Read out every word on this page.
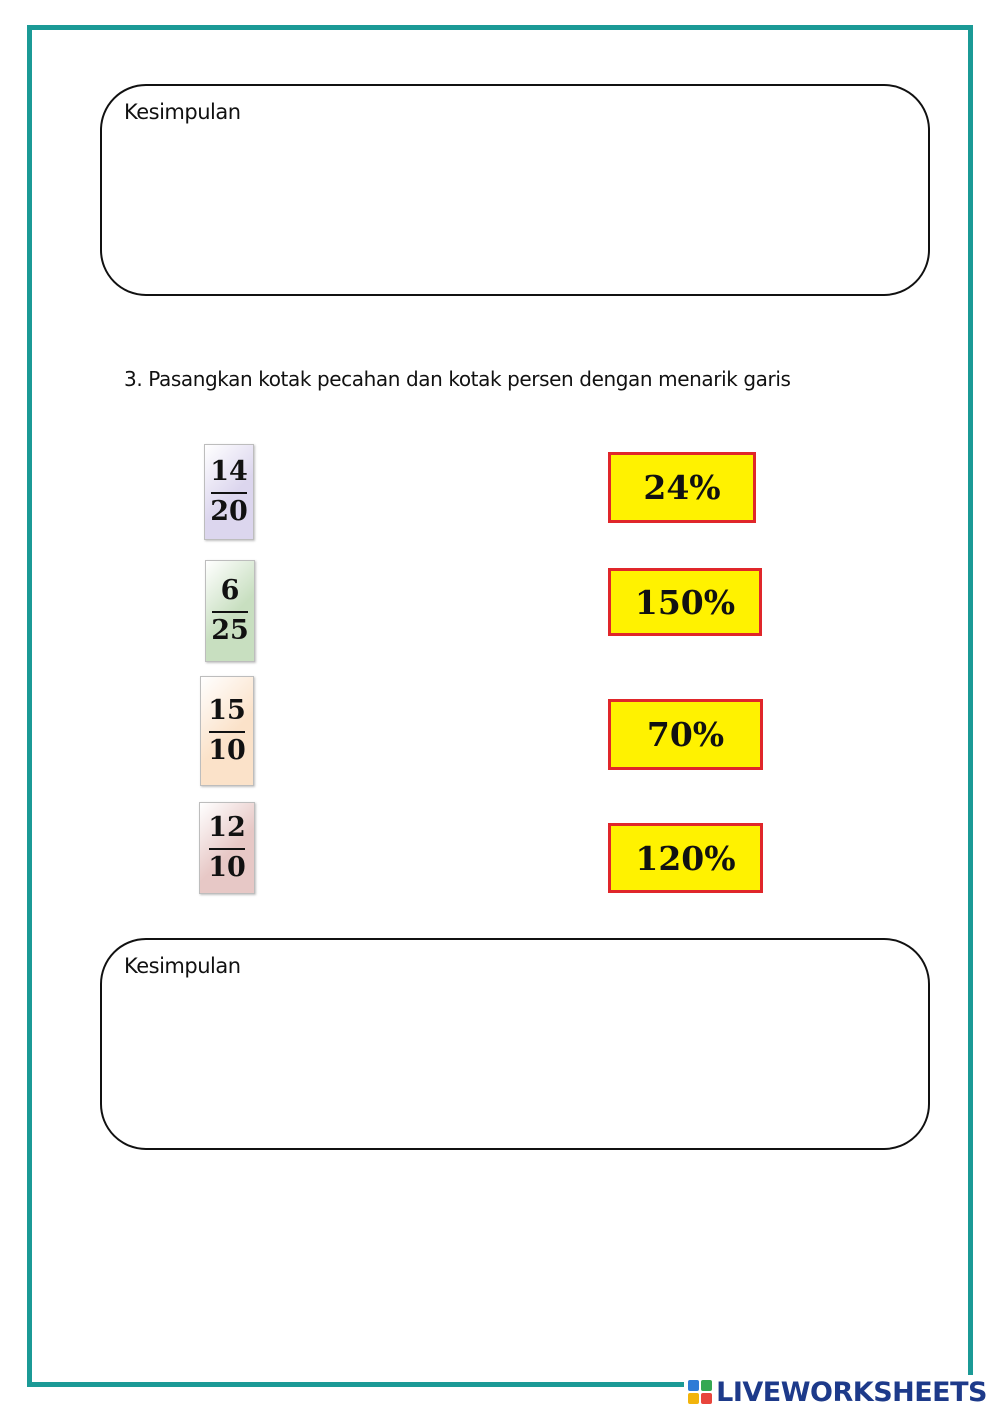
Kesimpulan
3. Pasangkan kotak pecahan dan kotak persen dengan menarik garis
14
20
6
25
15
10
12
10
24%
150%
70%
120%
Kesimpulan
LIVEWORKSHEETS
